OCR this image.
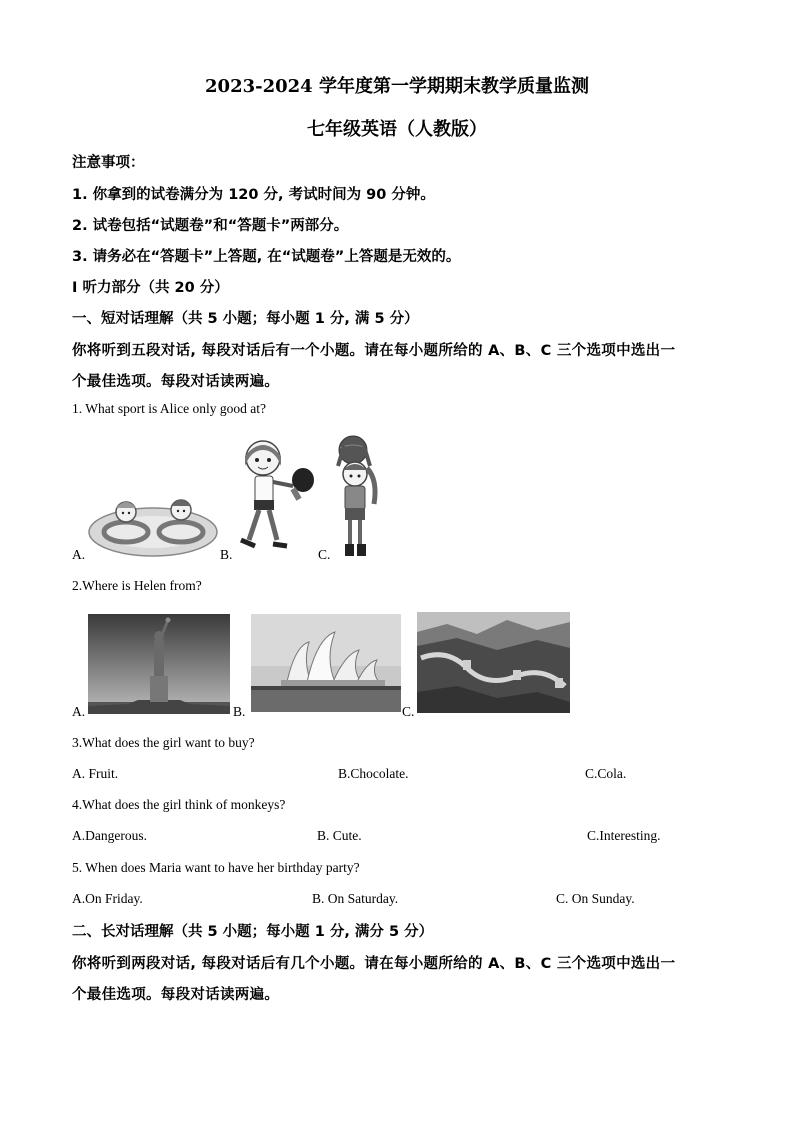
2023-2024 学年度第一学期期末教学质量监测
七年级英语（人教版）
注意事项：
1. 你拿到的试卷满分为 120 分, 考试时间为 90 分钟。
2. 试卷包括“试题卷”和“答题卡”两部分。
3. 请务必在“答题卡”上答题, 在“试题卷”上答题是无效的。
I 听力部分（共 20 分）
一、短对话理解（共 5 小题；每小题 1 分, 满 5 分）
你将听到五段对话, 每段对话后有一个小题。请在每小题所给的 A、B、C 三个选项中选出一
个最佳选项。每段对话读两遍。
1. What sport is Alice only good at?
A.	B.	C.
2.Where is Helen from?
A.	B.	C.
3.What does the girl want to buy?
A. Fruit.	B.Chocolate.	C.Cola.
4.What does the girl think of monkeys?
A.Dangerous.	B. Cute.	C.Interesting.
5. When does Maria want to have her birthday party?
A.On Friday.	B. On Saturday.	C. On Sunday.
二、长对话理解（共 5 小题；每小题 1 分, 满分 5 分）
你将听到两段对话, 每段对话后有几个小题。请在每小题所给的 A、B、C 三个选项中选出一
个最佳选项。每段对话读两遍。
